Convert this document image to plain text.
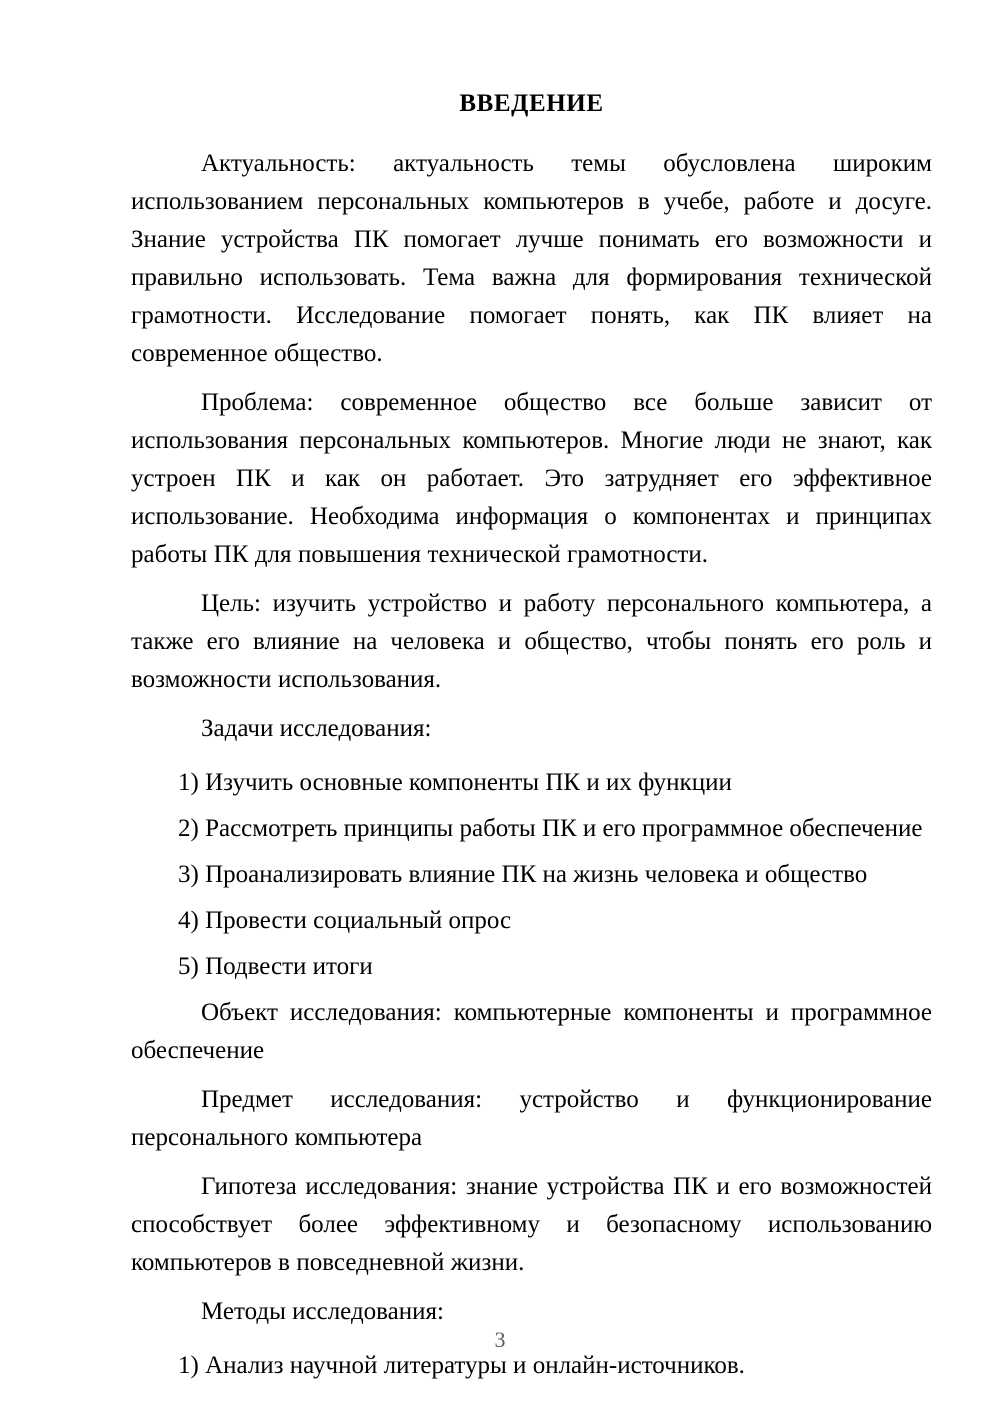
ВВЕДЕНИЕ

Актуальность: актуальность темы обусловлена широким использованием персональных компьютеров в учебе, работе и досуге. Знание устройства ПК помогает лучше понимать его возможности и правильно использовать. Тема важна для формирования технической грамотности. Исследование помогает понять, как ПК влияет на современное общество.

Проблема: современное общество все больше зависит от использования персональных компьютеров. Многие люди не знают, как устроен ПК и как он работает. Это затрудняет его эффективное использование. Необходима информация о компонентах и принципах работы ПК для повышения технической грамотности.

Цель: изучить устройство и работу персонального компьютера, а также его влияние на человека и общество, чтобы понять его роль и возможности использования.

Задачи исследования:

1) Изучить основные компоненты ПК и их функции
2) Рассмотреть принципы работы ПК и его программное обеспечение
3) Проанализировать влияние ПК на жизнь человека и общество
4) Провести социальный опрос
5) Подвести итоги

Объект исследования: компьютерные компоненты и программное обеспечение

Предмет исследования: устройство и функционирование персонального компьютера

Гипотеза исследования: знание устройства ПК и его возможностей способствует более эффективному и безопасному использованию компьютеров в повседневной жизни.

Методы исследования:

1) Анализ научной литературы и онлайн-источников.
3
